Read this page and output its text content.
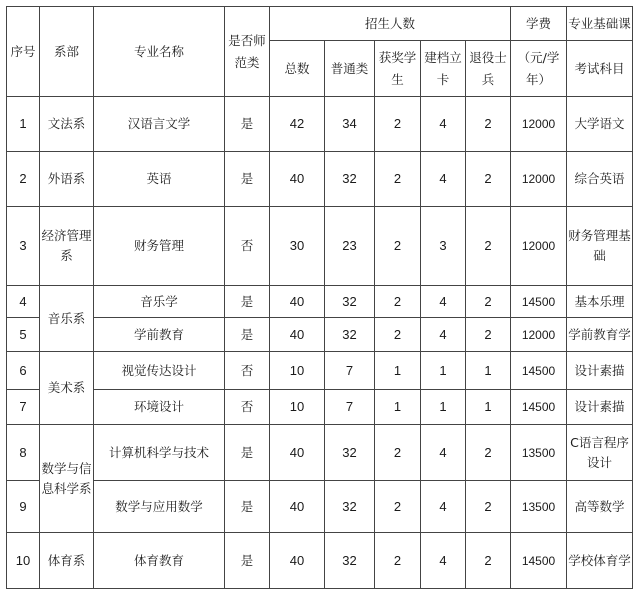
序号	系部	专业名称	是否师范类	招生人数					学费	专业基础课
				总数	普通类	获奖学生	建档立卡	退役士兵	（元/学年）	考试科目
1	文法系	汉语言文学	是	42	34	2	4	2	12000	大学语文
2	外语系	英语	是	40	32	2	4	2	12000	综合英语
3	经济管理系	财务管理	否	30	23	2	3	2	12000	财务管理基础
4	音乐系	音乐学	是	40	32	2	4	2	14500	基本乐理
5		学前教育	是	40	32	2	4	2	12000	学前教育学
6	美术系	视觉传达设计	否	10	7	1	1	1	14500	设计素描
7		环境设计	否	10	7	1	1	1	14500	设计素描
8	数学与信息科学系	计算机科学与技术	是	40	32	2	4	2	13500	C语言程序设计
9		数学与应用数学	是	40	32	2	4	2	13500	高等数学
10	体育系	体育教育	是	40	32	2	4	2	14500	学校体育学
